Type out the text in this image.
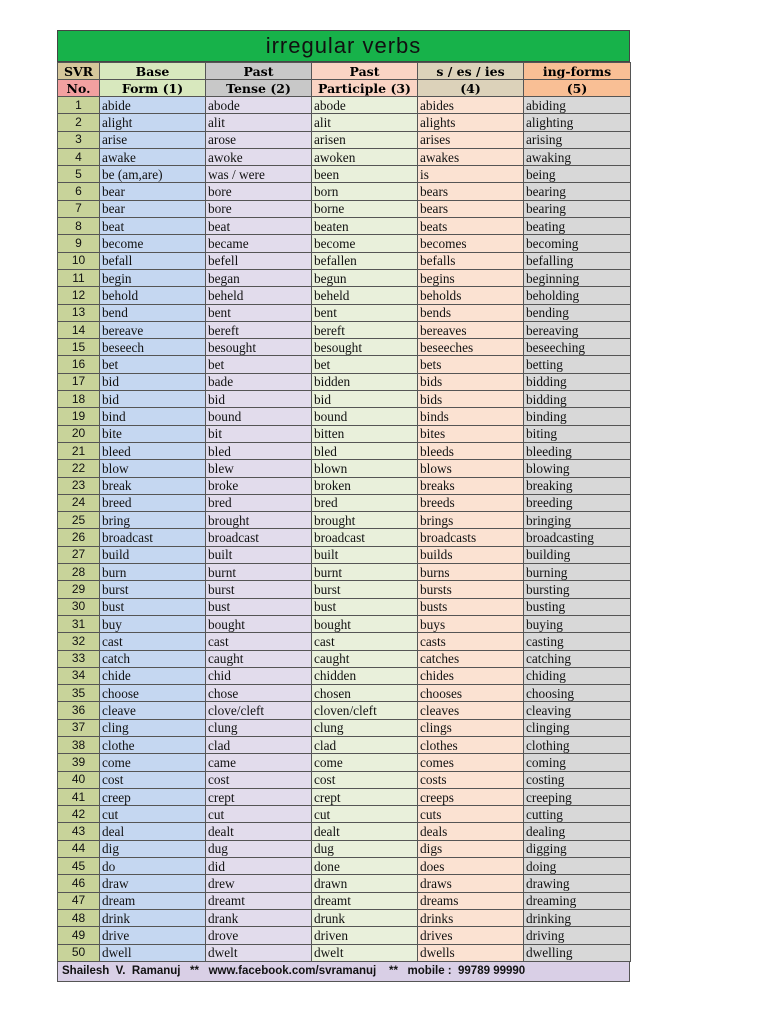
irregular verbs
SVR	Base	Past	Past	s / es / ies	ing-forms
No.	Form (1)	Tense (2)	Participle (3)	(4)	(5)
1	abide	abode	abode	abides	abiding
2	alight	alit	alit	alights	alighting
3	arise	arose	arisen	arises	arising
4	awake	awoke	awoken	awakes	awaking
5	be (am,are)	was / were	been	is	being
6	bear	bore	born	bears	bearing
7	bear	bore	borne	bears	bearing
8	beat	beat	beaten	beats	beating
9	become	became	become	becomes	becoming
10	befall	befell	befallen	befalls	befalling
11	begin	began	begun	begins	beginning
12	behold	beheld	beheld	beholds	beholding
13	bend	bent	bent	bends	bending
14	bereave	bereft	bereft	bereaves	bereaving
15	beseech	besought	besought	beseeches	beseeching
16	bet	bet	bet	bets	betting
17	bid	bade	bidden	bids	bidding
18	bid	bid	bid	bids	bidding
19	bind	bound	bound	binds	binding
20	bite	bit	bitten	bites	biting
21	bleed	bled	bled	bleeds	bleeding
22	blow	blew	blown	blows	blowing
23	break	broke	broken	breaks	breaking
24	breed	bred	bred	breeds	breeding
25	bring	brought	brought	brings	bringing
26	broadcast	broadcast	broadcast	broadcasts	broadcasting
27	build	built	built	builds	building
28	burn	burnt	burnt	burns	burning
29	burst	burst	burst	bursts	bursting
30	bust	bust	bust	busts	busting
31	buy	bought	bought	buys	buying
32	cast	cast	cast	casts	casting
33	catch	caught	caught	catches	catching
34	chide	chid	chidden	chides	chiding
35	choose	chose	chosen	chooses	choosing
36	cleave	clove/cleft	cloven/cleft	cleaves	cleaving
37	cling	clung	clung	clings	clinging
38	clothe	clad	clad	clothes	clothing
39	come	came	come	comes	coming
40	cost	cost	cost	costs	costing
41	creep	crept	crept	creeps	creeping
42	cut	cut	cut	cuts	cutting
43	deal	dealt	dealt	deals	dealing
44	dig	dug	dug	digs	digging
45	do	did	done	does	doing
46	draw	drew	drawn	draws	drawing
47	dream	dreamt	dreamt	dreams	dreaming
48	drink	drank	drunk	drinks	drinking
49	drive	drove	driven	drives	driving
50	dwell	dwelt	dwelt	dwells	dwelling
Shailesh  V.  Ramanuj   **   www.facebook.com/svramanuj    **   mobile :  99789 99990
